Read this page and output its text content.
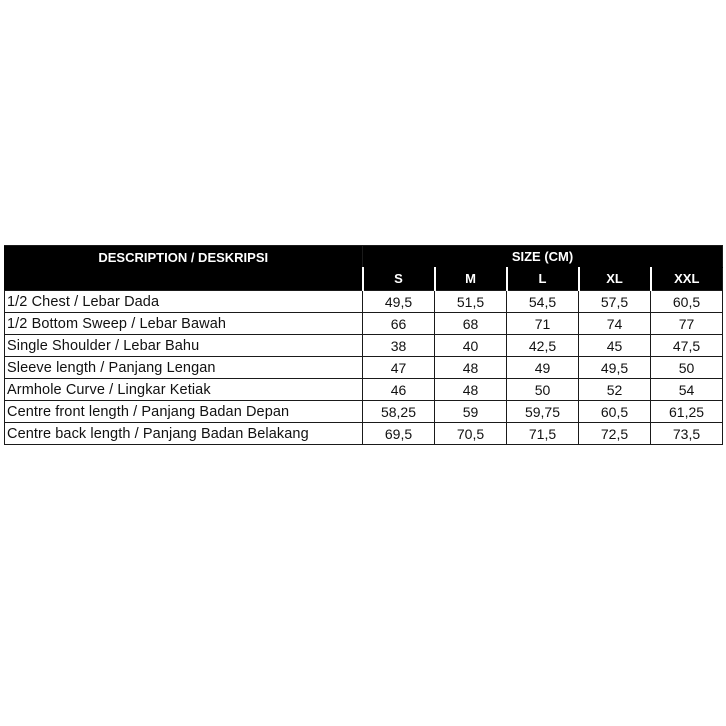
DESCRIPTION / DESKRIPSI	SIZE (CM)				
	S	M	L	XL	XXL
1/2 Chest / Lebar Dada	49,5	51,5	54,5	57,5	60,5
1/2 Bottom Sweep / Lebar Bawah	66	68	71	74	77
Single Shoulder / Lebar Bahu	38	40	42,5	45	47,5
Sleeve length / Panjang Lengan	47	48	49	49,5	50
Armhole Curve / Lingkar Ketiak	46	48	50	52	54
Centre front length / Panjang Badan Depan	58,25	59	59,75	60,5	61,25
Centre back length / Panjang Badan Belakang	69,5	70,5	71,5	72,5	73,5
